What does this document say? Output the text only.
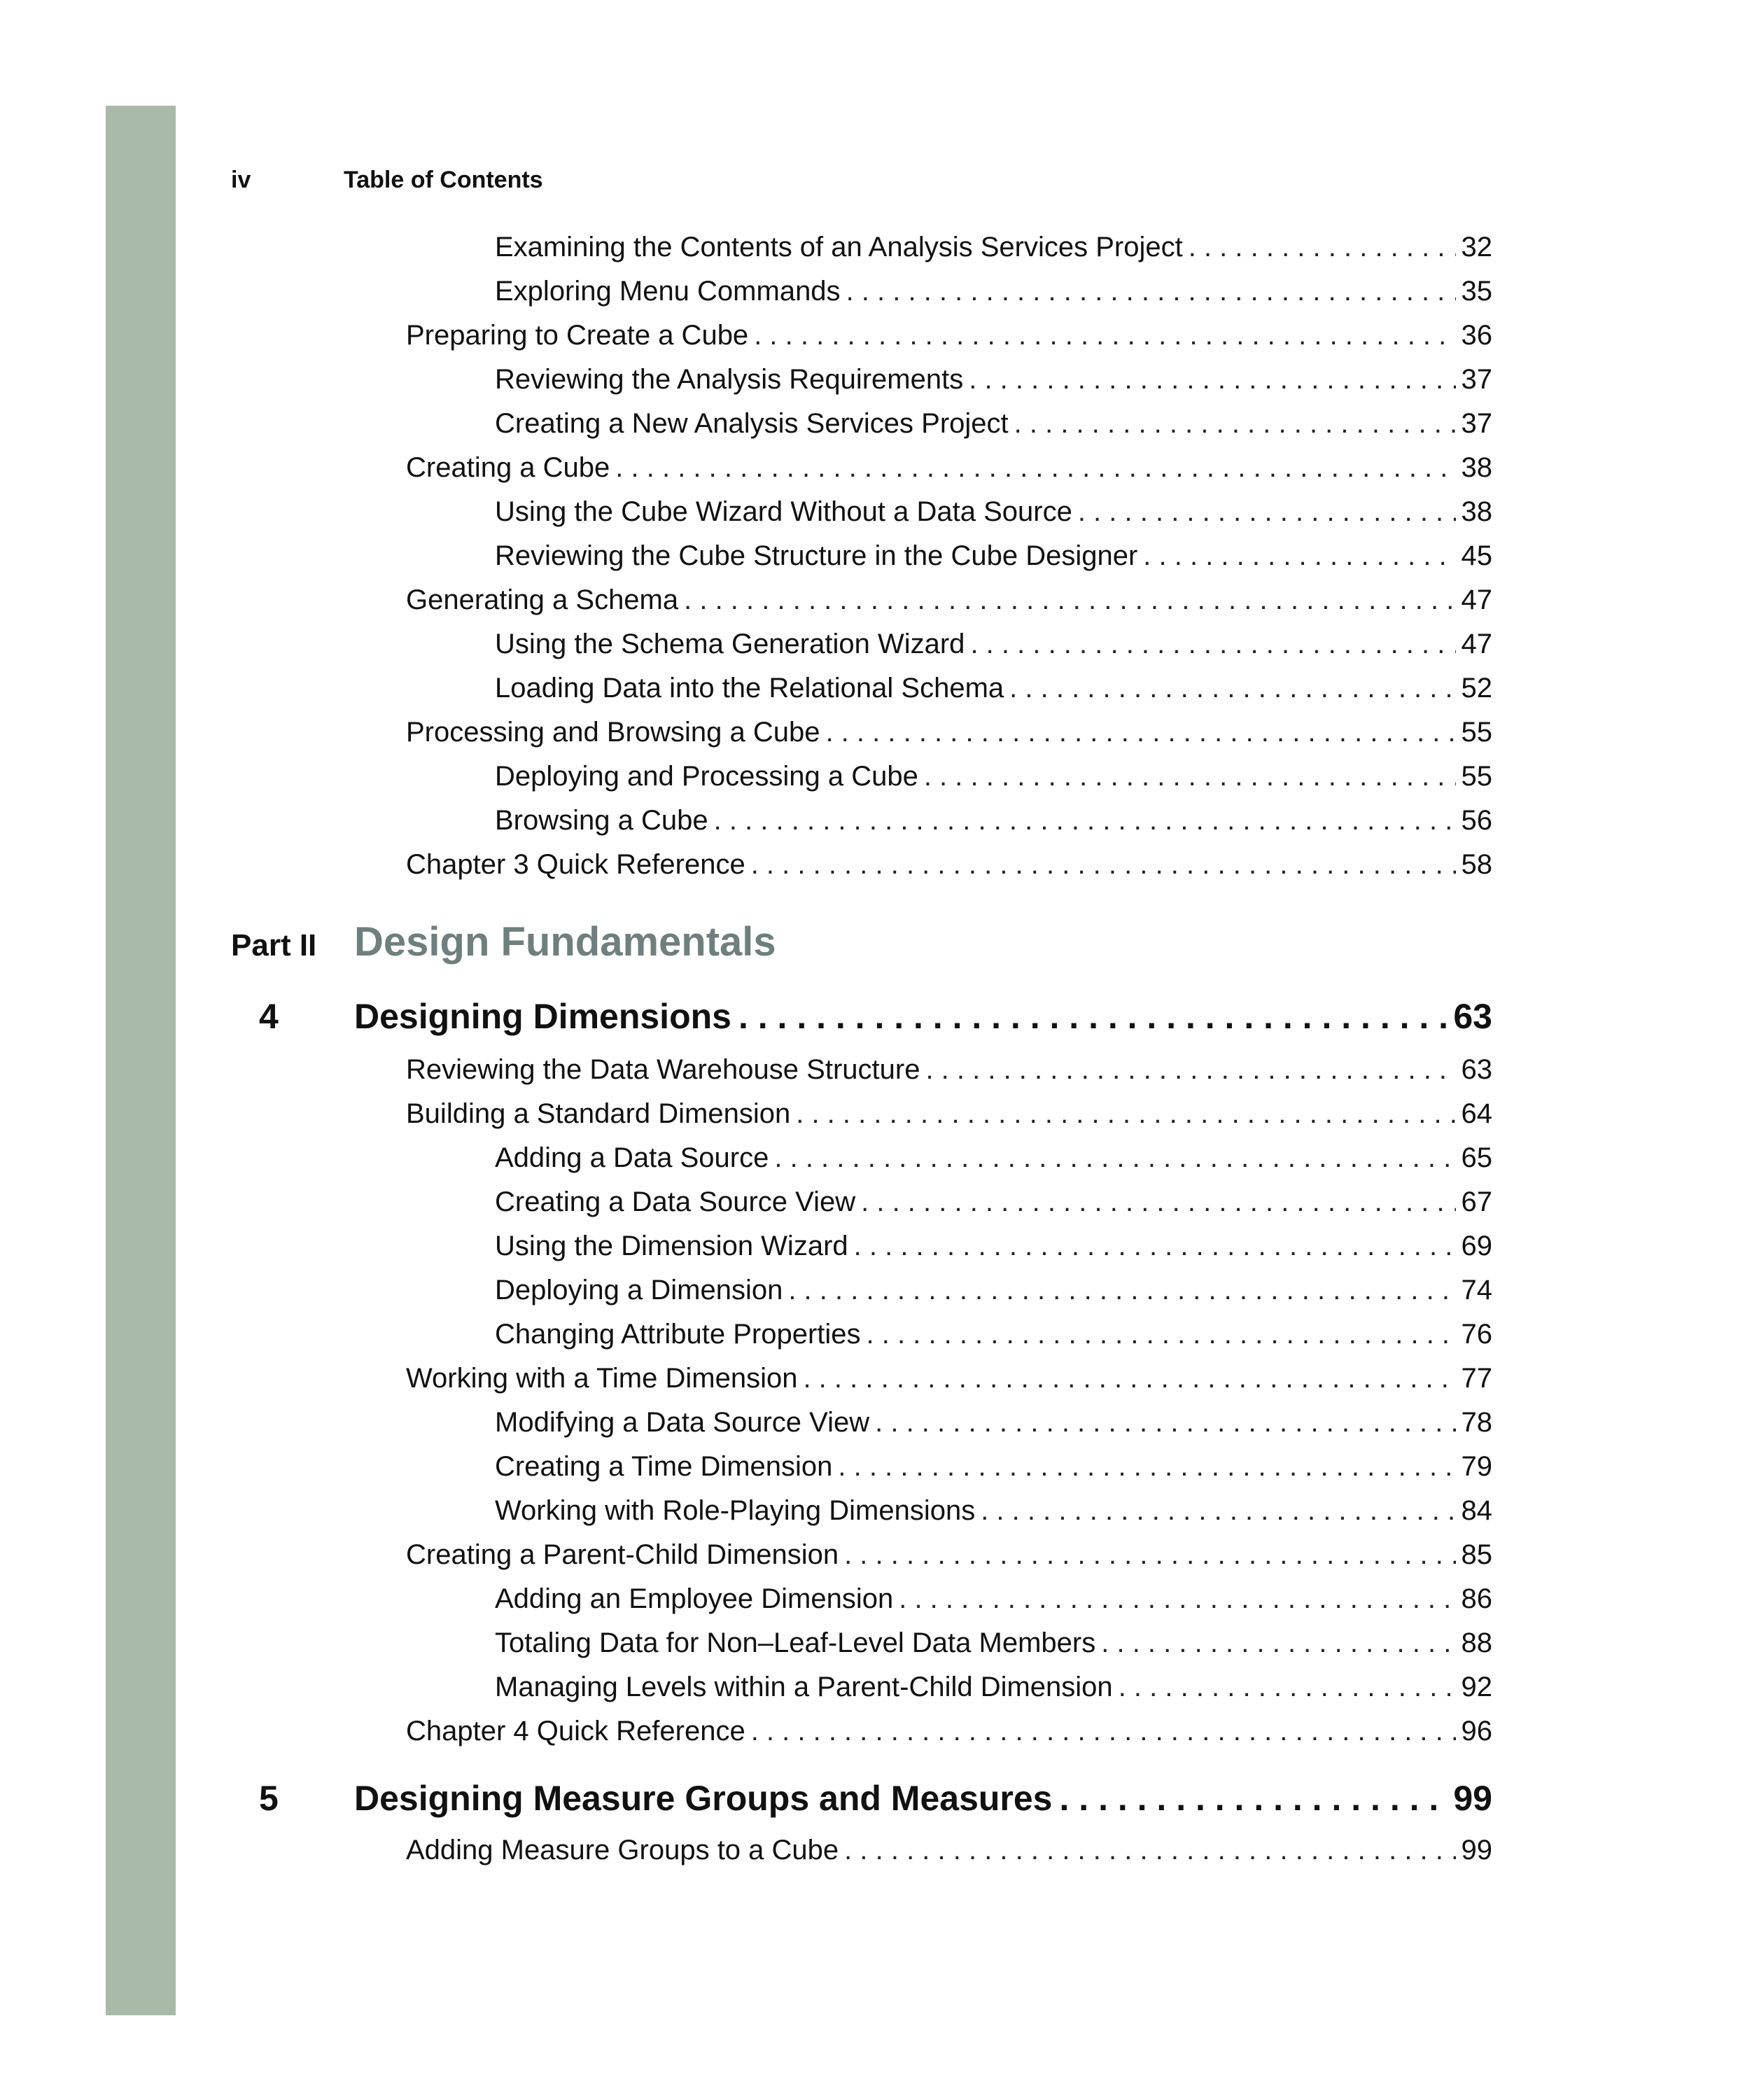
iv	Table of Contents
Examining the Contents of an Analysis Services Project . . .	32
Exploring Menu Commands . . .	35
Preparing to Create a Cube . . .	36
Reviewing the Analysis Requirements . . .	37
Creating a New Analysis Services Project . . .	37
Creating a Cube . . .	38
Using the Cube Wizard Without a Data Source . . .	38
Reviewing the Cube Structure in the Cube Designer . . .	45
Generating a Schema . . .	47
Using the Schema Generation Wizard . . .	47
Loading Data into the Relational Schema . . .	52
Processing and Browsing a Cube . . .	55
Deploying and Processing a Cube . . .	55
Browsing a Cube . . .	56
Chapter 3 Quick Reference . . .	58
Part II Design Fundamentals
4	Designing Dimensions . . .	63
Reviewing the Data Warehouse Structure . . .	63
Building a Standard Dimension . . .	64
Adding a Data Source . . .	65
Creating a Data Source View . . .	67
Using the Dimension Wizard . . .	69
Deploying a Dimension . . .	74
Changing Attribute Properties . . .	76
Working with a Time Dimension . . .	77
Modifying a Data Source View . . .	78
Creating a Time Dimension . . .	79
Working with Role-Playing Dimensions . . .	84
Creating a Parent-Child Dimension . . .	85
Adding an Employee Dimension . . .	86
Totaling Data for Non–Leaf-Level Data Members . . .	88
Managing Levels within a Parent-Child Dimension . . .	92
Chapter 4 Quick Reference . . .	96
5	Designing Measure Groups and Measures . . .	99
Adding Measure Groups to a Cube . . .	99
